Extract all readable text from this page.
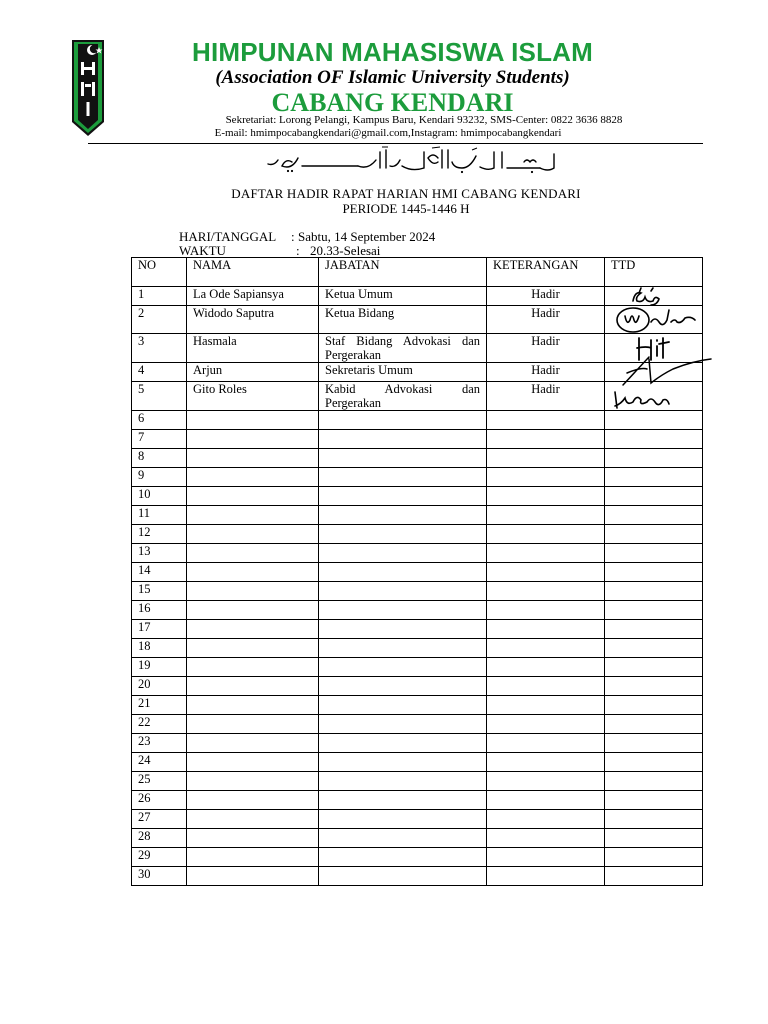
HIMPUNAN MAHASISWA ISLAM
(Association OF Islamic University Students)
CABANG KENDARI
Sekretariat: Lorong Pelangi, Kampus Baru, Kendari 93232, SMS-Center: 0822 3636 8828
E-mail: hmimpocabangkendari@gmail.com,Instagram: hmimpocabangkendari
DAFTAR HADIR RAPAT HARIAN HMI CABANG KENDARI
PERIODE 1445-1446 H
HARI/TANGGAL : Sabtu, 14 September 2024
WAKTU	: 20.33-Selesai
NO	NAMA	JABATAN	KETERANGAN	TTD
1	La Ode Sapiansya	Ketua Umum	Hadir	

2	Widodo Saputra	Ketua Bidang	Hadir	

3	Hasmala	Staf Bidang Advokasi dan Pergerakan	Hadir	

4	Arjun	Sekretaris Umum	Hadir	

5	Gito Roles	Kabid Advokasi dan Pergerakan	Hadir	

6				
7				
8				
9				
10				
11				
12				
13				
14				
15				
16				
17				
18				
19				
20				
21				
22				
23				
24				
25				
26				
27				
28				
29				
30				
